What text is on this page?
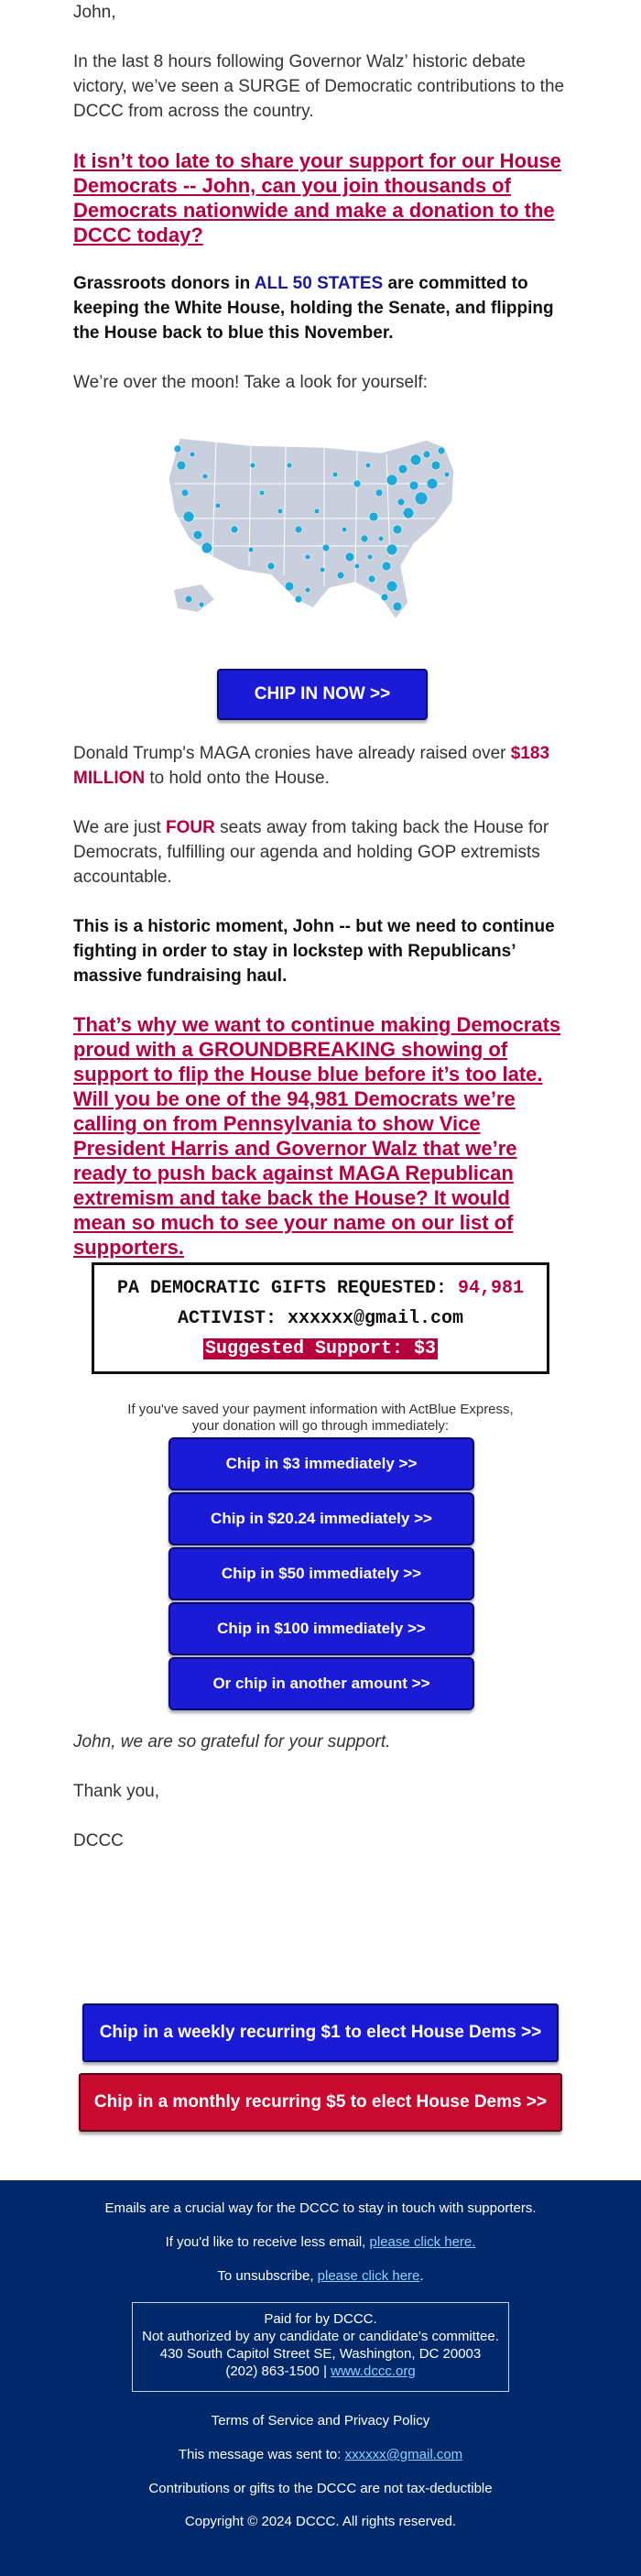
John,

In the last 8 hours following Governor Walz’ historic debate victory, we’ve seen a SURGE of Democratic contributions to the DCCC from across the country.

It isn’t too late to share your support for our House Democrats -- John, can you join thousands of Democrats nationwide and make a donation to the DCCC today?

Grassroots donors in ALL 50 STATES are committed to keeping the White House, holding the Senate, and flipping the House back to blue this November.

We’re over the moon! Take a look for yourself:

Donald Trump's MAGA cronies have already raised over $183 MILLION to hold onto the House.

We are just FOUR seats away from taking back the House for Democrats, fulfilling our agenda and holding GOP extremists accountable.

This is a historic moment, John -- but we need to continue fighting in order to stay in lockstep with Republicans’ massive fundraising haul.

That’s why we want to continue making Democrats proud with a GROUNDBREAKING showing of support to flip the House blue before it’s too late. Will you be one of the 94,981 Democrats we’re calling on from Pennsylvania to show Vice President Harris and Governor Walz that we’re ready to push back against MAGA Republican extremism and take back the House? It would mean so much to see your name on our list of supporters.

John, we are so grateful for your support.

Thank you,

DCCC

CHIP IN NOW >>
PA DEMOCRATIC GIFTS REQUESTED: 94,981
ACTIVIST: xxxxxx@gmail.com
Suggested Support: $3
If you've saved your payment information with ActBlue Express,
your donation will go through immediately:
Chip in $3 immediately >>
Chip in $20.24 immediately >>
Chip in $50 immediately >>
Chip in $100 immediately >>
Or chip in another amount >>
Chip in a weekly recurring $1 to elect House Dems >>
Chip in a monthly recurring $5 to elect House Dems >>
Emails are a crucial way for the DCCC to stay in touch with supporters.
If you'd like to receive less email, please click here.
To unsubscribe, please click here.
Paid for by DCCC.
Not authorized by any candidate or candidate's committee.
430 South Capitol Street SE, Washington, DC 20003
(202) 863-1500 | www.dccc.org
Terms of Service and Privacy Policy
This message was sent to: xxxxxx@gmail.com
Contributions or gifts to the DCCC are not tax-deductible
Copyright © 2024 DCCC. All rights reserved.
